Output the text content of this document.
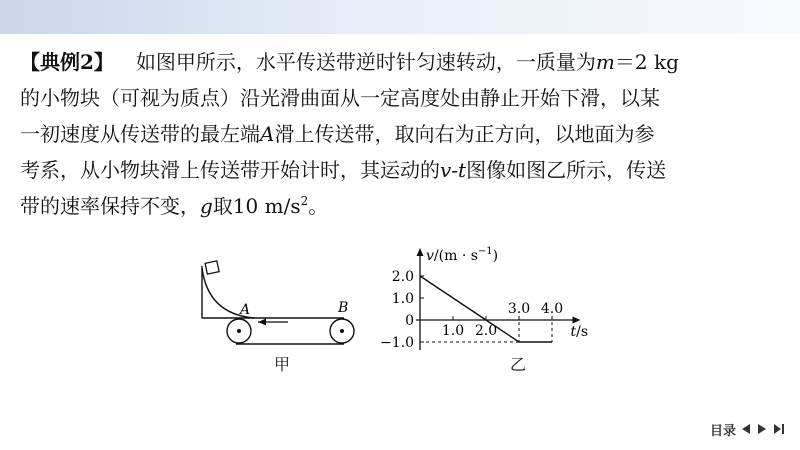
【典例2】 如图甲所示，水平传送带逆时针匀速转动，一质量为m＝2 kg
的小物块（可视为质点）沿光滑曲面从一定高度处由静止开始下滑，以某
一初速度从传送带的最左端A滑上传送带，取向右为正方向，以地面为参
考系，从小物块滑上传送带开始计时，其运动的v-t图像如图乙所示，传送
带的速率保持不变，g取10 $m/s^2$。
A	B
甲
2.0
1.0
0
−1.0
1.0 2.0
3.0 4.0
$v/(m \cdot s^{-1})$
t/s
乙
目录
